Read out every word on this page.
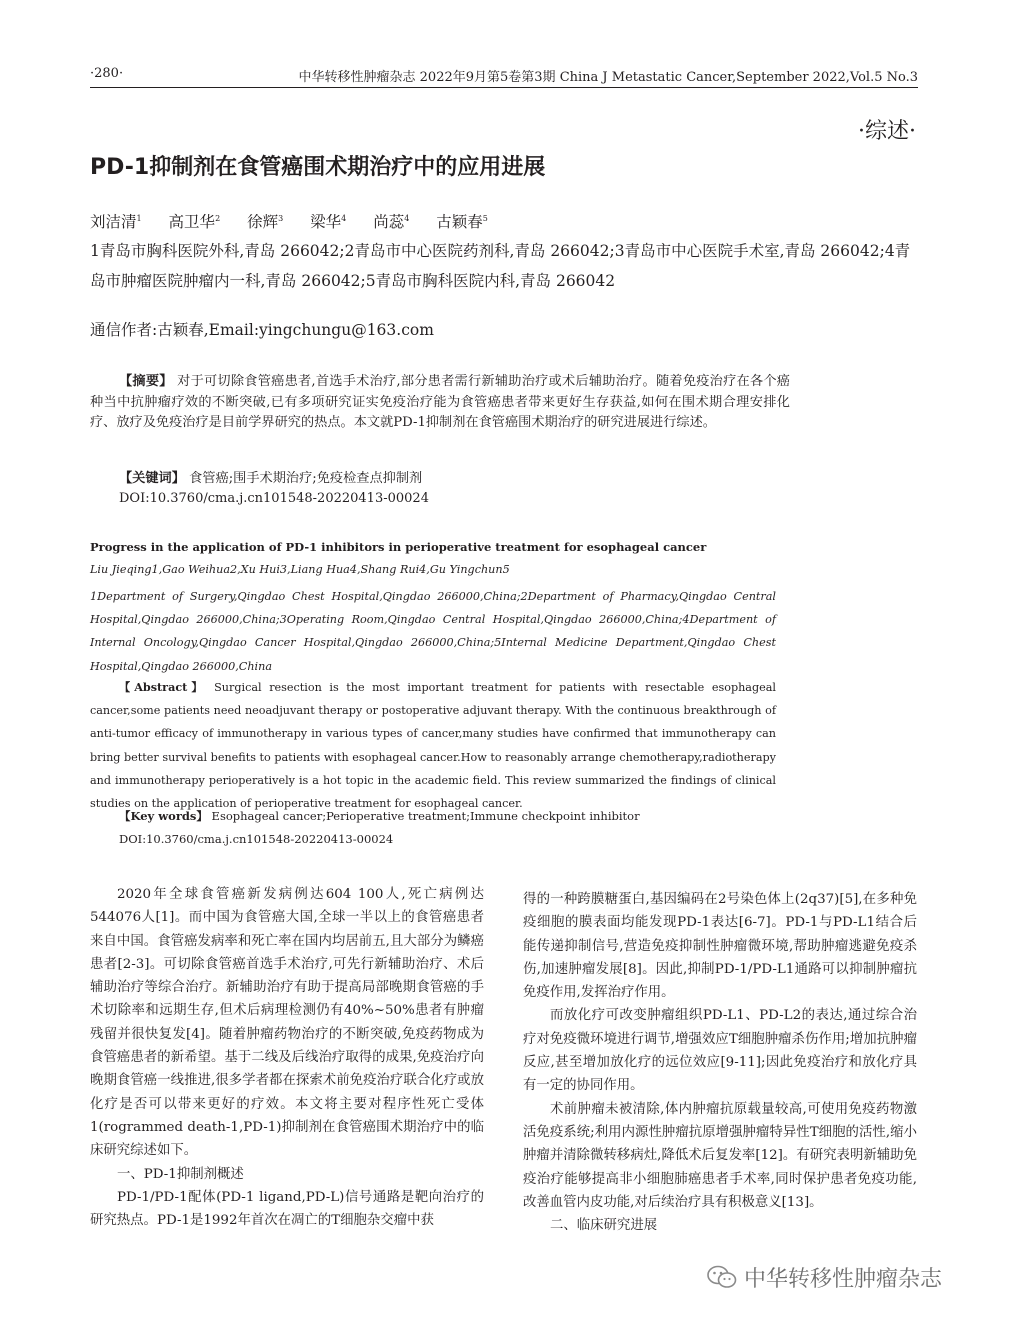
·280·	中华转移性肿瘤杂志 2022年9月第5卷第3期 China J Metastatic Cancer,September 2022,Vol.5 No.3
·综述·
PD-1抑制剂在食管癌围术期治疗中的应用进展
刘洁清$^1$ 高卫华$^2$ 徐辉$^3$ 梁华$^4$ 尚蕊$^4$ 古颖春$^5$
1青岛市胸科医院外科,青岛 266042;2青岛市中心医院药剂科,青岛 266042;3青岛市中心医院手术室,青岛 266042;4青岛市肿瘤医院肿瘤内一科,青岛 266042;5青岛市胸科医院内科,青岛 266042
通信作者:古颖春,Email:yingchungu@163.com
【摘要】 对于可切除食管癌患者,首选手术治疗,部分患者需行新辅助治疗或术后辅助治疗。随着免疫治疗在各个癌种当中抗肿瘤疗效的不断突破,已有多项研究证实免疫治疗能为食管癌患者带来更好生存获益,如何在围术期合理安排化疗、放疗及免疫治疗是目前学界研究的热点。本文就PD-1抑制剂在食管癌围术期治疗的研究进展进行综述。
【关键词】 食管癌;围手术期治疗;免疫检查点抑制剂
DOI:10.3760/cma.j.cn101548-20220413-00024
Progress in the application of PD-1 inhibitors in perioperative treatment for esophageal cancer
Liu Jieqing1,Gao Weihua2,Xu Hui3,Liang Hua4,Shang Rui4,Gu Yingchun5
1Department of Surgery,Qingdao Chest Hospital,Qingdao 266000,China;2Department of Pharmacy,Qingdao Central Hospital,Qingdao 266000,China;3Operating Room,Qingdao Central Hospital,Qingdao 266000,China;4Department of Internal Oncology,Qingdao Cancer Hospital,Qingdao 266000,China;5Internal Medicine Department,Qingdao Chest Hospital,Qingdao 266000,China
【Abstract】 Surgical resection is the most important treatment for patients with resectable esophageal cancer,some patients need neoadjuvant therapy or postoperative adjuvant therapy. With the continuous breakthrough of anti-tumor efficacy of immunotherapy in various types of cancer,many studies have confirmed that immunotherapy can bring better survival benefits to patients with esophageal cancer.How to reasonably arrange chemotherapy,radiotherapy and immunotherapy perioperatively is a hot topic in the academic field. This review summarized the findings of clinical studies on the application of perioperative treatment for esophageal cancer.
【Key words】 Esophageal cancer;Perioperative treatment;Immune checkpoint inhibitor
DOI:10.3760/cma.j.cn101548-20220413-00024

2020年全球食管癌新发病例达604 100人,死亡病例达544076人[1]。而中国为食管癌大国,全球一半以上的食管癌患者来自中国。食管癌发病率和死亡率在国内均居前五,且大部分为鳞癌患者[2-3]。可切除食管癌首选手术治疗,可先行新辅助治疗、术后辅助治疗等综合治疗。新辅助治疗有助于提高局部晚期食管癌的手术切除率和远期生存,但术后病理检测仍有40%~50%患者有肿瘤残留并很快复发[4]。随着肿瘤药物治疗的不断突破,免疫药物成为食管癌患者的新希望。基于二线及后线治疗取得的成果,免疫治疗向晚期食管癌一线推进,很多学者都在探索术前免疫治疗联合化疗或放化疗是否可以带来更好的疗效。本文将主要对程序性死亡受体1(rogrammed death-1,PD-1)抑制剂在食管癌围术期治疗中的临床研究综述如下。

一、PD-1抑制剂概述

PD-1/PD-1配体(PD-1 ligand,PD-L)信号通路是靶向治疗的研究热点。PD-1是1992年首次在凋亡的T细胞杂交瘤中获

得的一种跨膜糖蛋白,基因编码在2号染色体上(2q37)[5],在多种免疫细胞的膜表面均能发现PD-1表达[6-7]。PD-1与PD-L1结合后能传递抑制信号,营造免疫抑制性肿瘤微环境,帮助肿瘤逃避免疫杀伤,加速肿瘤发展[8]。因此,抑制PD-1/PD-L1通路可以抑制肿瘤抗免疫作用,发挥治疗作用。

而放化疗可改变肿瘤组织PD-L1、PD-L2的表达,通过综合治疗对免疫微环境进行调节,增强效应T细胞肿瘤杀伤作用;增加抗肿瘤反应,甚至增加放化疗的远位效应[9-11];因此免疫治疗和放化疗具有一定的协同作用。

术前肿瘤未被清除,体内肿瘤抗原载量较高,可使用免疫药物激活免疫系统;利用内源性肿瘤抗原增强肿瘤特异性T细胞的活性,缩小肿瘤并清除微转移病灶,降低术后复发率[12]。有研究表明新辅助免疫治疗能够提高非小细胞肺癌患者手术率,同时保护患者免疫功能,改善血管内皮功能,对后续治疗具有积极意义[13]。

二、临床研究进展

中华转移性肿瘤杂志
